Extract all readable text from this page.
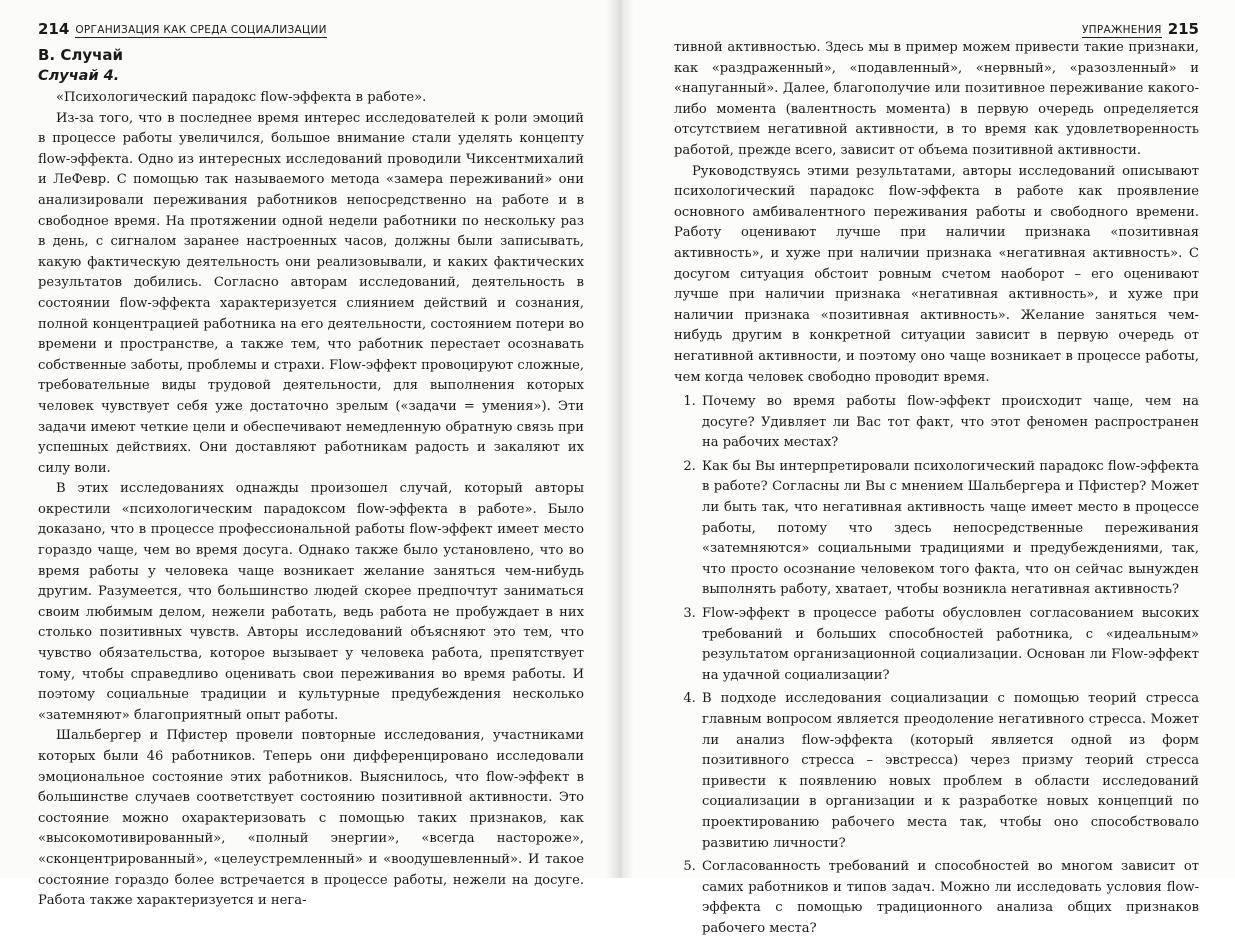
214 ОРГАНИЗАЦИЯ КАК СРЕДА СОЦИАЛИЗАЦИИ
В. Случай
Случай 4.

«Психологический парадокс flow-эффекта в работе».

Из-за того, что в последнее время интерес исследователей к роли эмоций в процессе работы увеличился, большое внимание стали уделять концепту flow-эффекта. Одно из интересных исследований проводили Чиксентмихалий и ЛеФевр. С помощью так называемого метода «замера переживаний» они анализировали переживания работников непосредственно на работе и в свободное время. На протяжении одной недели работники по нескольку раз в день, с сигналом заранее настроенных часов, должны были записывать, какую фактическую деятельность они реализовывали, и каких фактических результатов добились. Согласно авторам исследований, деятельность в состоянии flow-эффекта характеризуется слиянием действий и сознания, полной концентрацией работника на его деятельности, состоянием потери во времени и пространстве, а также тем, что работник перестает осознавать собственные заботы, проблемы и страхи. Flow-эффект провоцируют сложные, требовательные виды трудовой деятельности, для выполнения которых человек чувствует себя уже достаточно зрелым («задачи = умения»). Эти задачи имеют четкие цели и обеспечивают немедленную обратную связь при успешных действиях. Они доставляют работникам радость и закаляют их силу воли.

В этих исследованиях однажды произошел случай, который авторы окрестили «психологическим парадоксом flow-эффекта в работе». Было доказано, что в процессе профессиональной работы flow-эффект имеет место гораздо чаще, чем во время досуга. Однако также было установлено, что во время работы у человека чаще возникает желание заняться чем-нибудь другим. Разумеется, что большинство людей скорее предпочтут заниматься своим любимым делом, нежели работать, ведь работа не пробуждает в них столько позитивных чувств. Авторы исследований объясняют это тем, что чувство обязательства, которое вызывает у человека работа, препятствует тому, чтобы справедливо оценивать свои переживания во время работы. И поэтому социальные традиции и культурные предубеждения несколько «затемняют» благоприятный опыт работы.

Шальбергер и Пфистер провели повторные исследования, участниками которых были 46 работников. Теперь они дифференцировано исследовали эмоциональное состояние этих работников. Выяснилось, что flow-эффект в большинстве случаев соответствует состоянию позитивной активности. Это состояние можно охарактеризовать с помощью таких признаков, как «высокомотивированный», «полный энергии», «всегда настороже», «сконцентрированный», «целеустремленный» и «воодушевленный». И такое состояние гораздо более встречается в процессе работы, нежели на досуге. Работа также характеризуется и нега-

УПРАЖНЕНИЯ 215

тивной активностью. Здесь мы в пример можем привести такие признаки, как «раздраженный», «подавленный», «нервный», «разозленный» и «напуганный». Далее, благополучие или позитивное переживание какого-либо момента (валентность момента) в первую очередь определяется отсутствием негативной активности, в то время как удовлетворенность работой, прежде всего, зависит от объема позитивной активности.

Руководствуясь этими результатами, авторы исследований описывают психологический парадокс flow-эффекта в работе как проявление основного амбивалентного переживания работы и свободного времени. Работу оценивают лучше при наличии признака «позитивная активность», и хуже при наличии признака «негативная активность». С досугом ситуация обстоит ровным счетом наоборот – его оценивают лучше при наличии признака «негативная активность», и хуже при наличии признака «позитивная активность». Желание заняться чем-нибудь другим в конкретной ситуации зависит в первую очередь от негативной активности, и поэтому оно чаще возникает в процессе работы, чем когда человек свободно проводит время.

1. Почему во время работы flow-эффект происходит чаще, чем на досуге? Удивляет ли Вас тот факт, что этот феномен распространен на рабочих местах?
2. Как бы Вы интерпретировали психологический парадокс flow-эффекта в работе? Согласны ли Вы с мнением Шальбергера и Пфистер? Может ли быть так, что негативная активность чаще имеет место в процессе работы, потому что здесь непосредственные переживания «затемняются» социальными традициями и предубеждениями, так, что просто осознание человеком того факта, что он сейчас вынужден выполнять работу, хватает, чтобы возникла негативная активность?
3. Flow-эффект в процессе работы обусловлен согласованием высоких требований и больших способностей работника, с «идеальным» результатом организационной социализации. Основан ли Flow-эффект на удачной социализации?
4. В подходе исследования социализации с помощью теорий стресса главным вопросом является преодоление негативного стресса. Может ли анализ flow-эффекта (который является одной из форм позитивного стресса – эвстресса) через призму теорий стресса привести к появлению новых проблем в области исследований социализации в организации и к разработке новых концепций по проектированию рабочего места так, чтобы оно способствовало развитию личности?
5. Согласованность требований и способностей во многом зависит от самих работников и типов задач. Можно ли исследовать условия flow-эффекта с помощью традиционного анализа общих признаков рабочего места?
